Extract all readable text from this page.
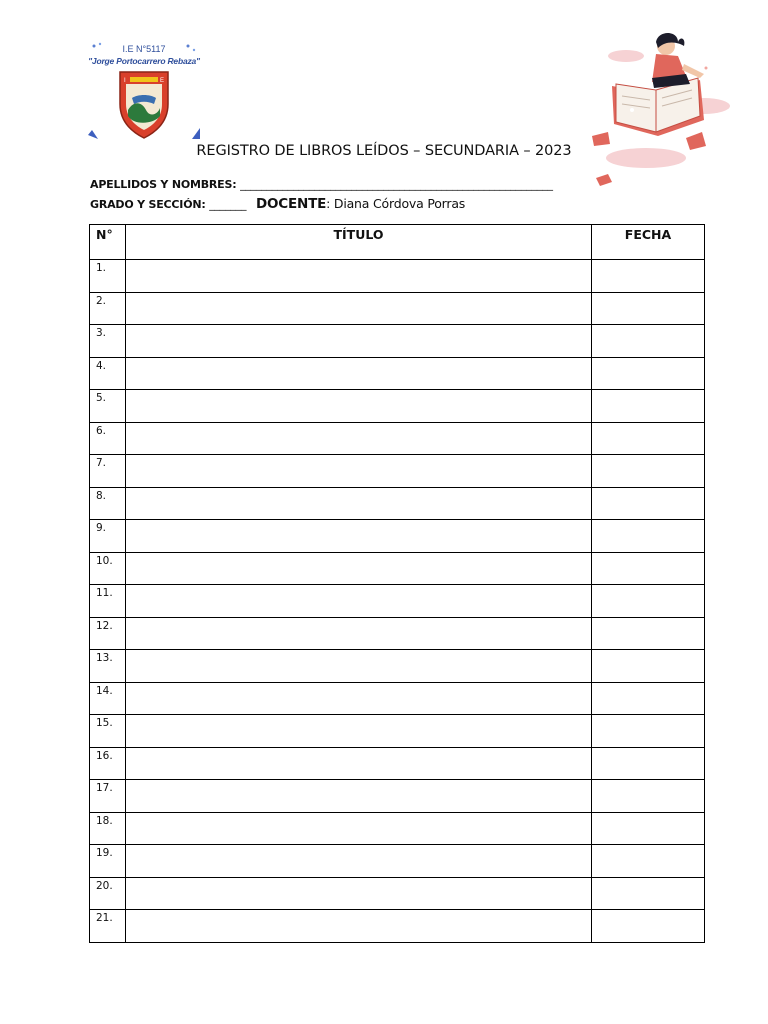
I.E N°5117
"Jorge Portocarrero Rebaza"
I	E
REGISTRO DE LIBROS LEÍDOS – SECUNDARIA – 2023
APELLIDOS Y NOMBRES: ___________________________________________________________
GRADO Y SECCIÓN: _______ DOCENTE: Diana Córdova Porras
N°	TÍTULO	FECHA
1.		
2.		
3.		
4.		
5.		
6.		
7.		
8.		
9.		
10.		
11.		
12.		
13.		
14.		
15.		
16.		
17.		
18.		
19.		
20.		
21.		
